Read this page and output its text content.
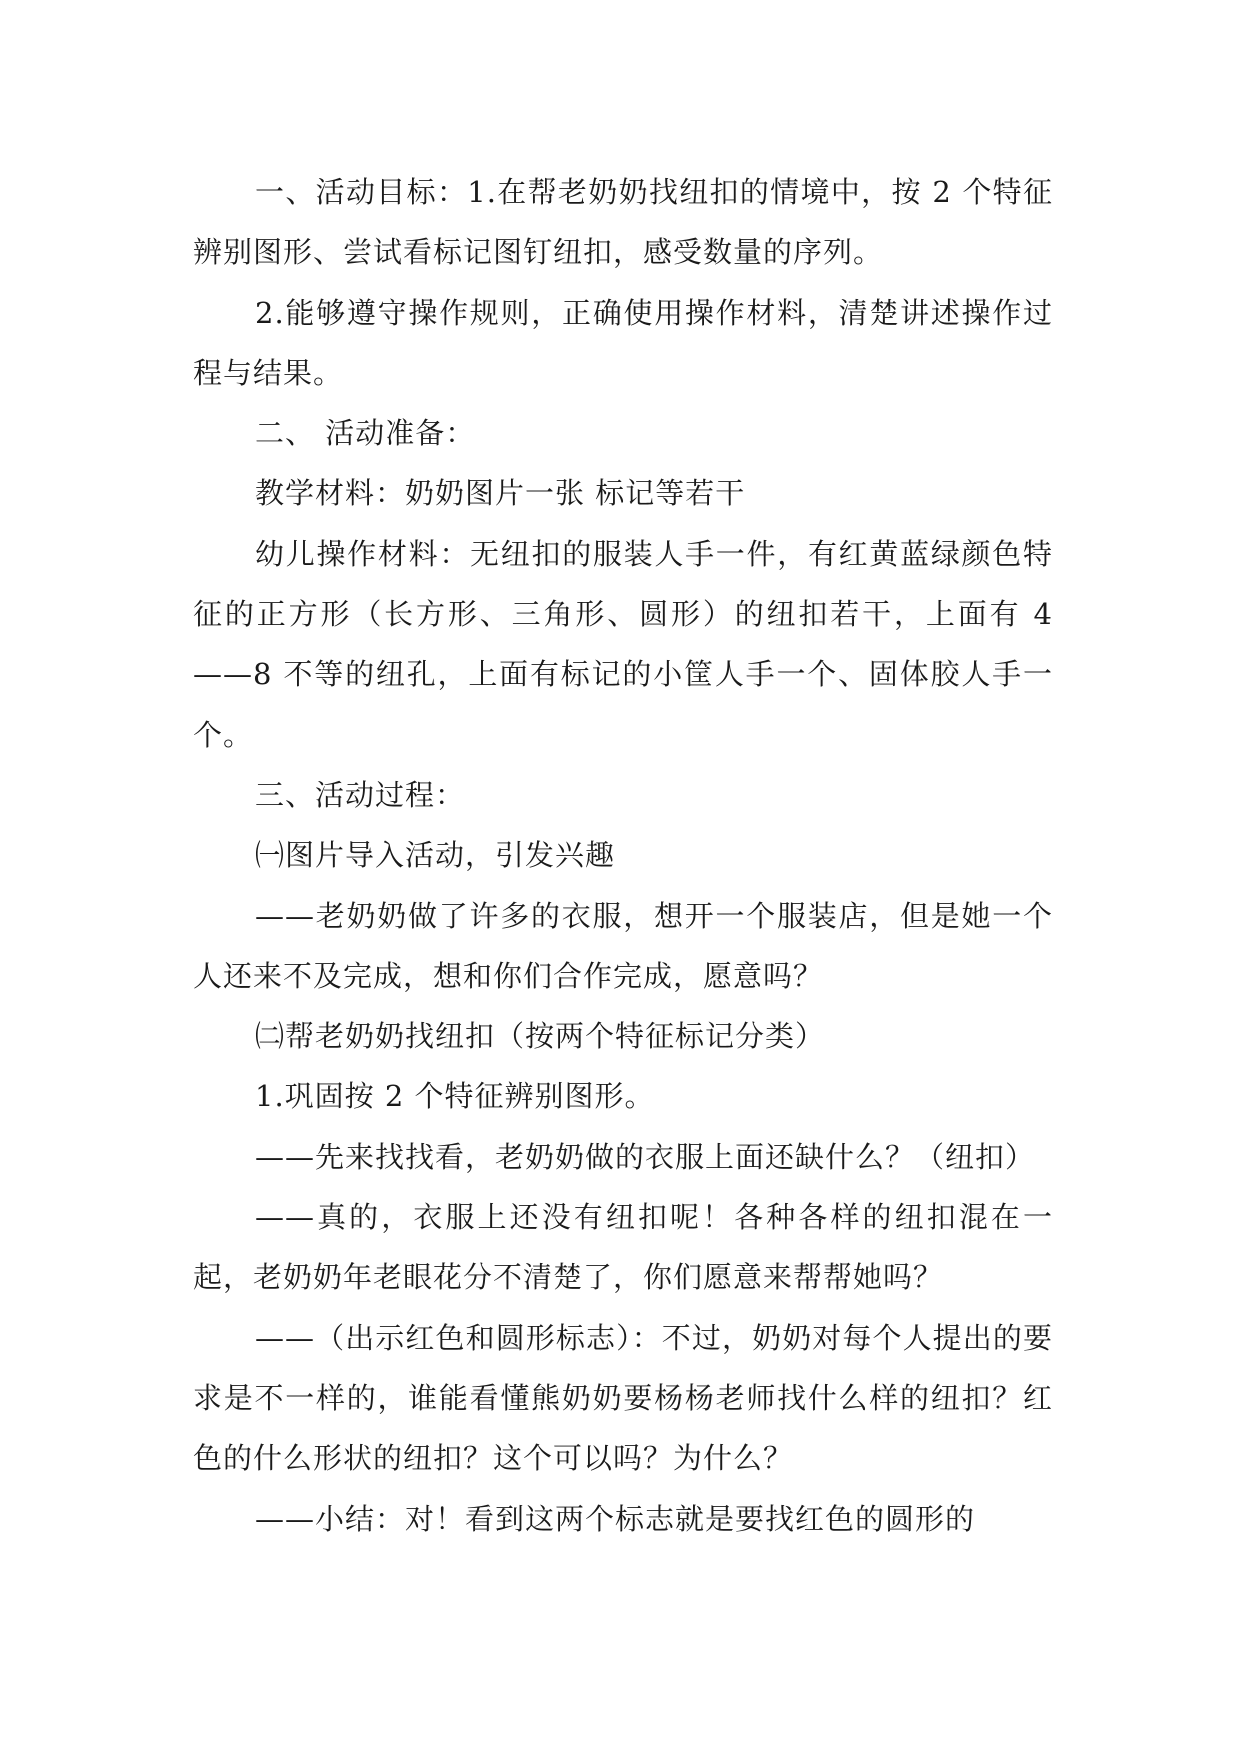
一、活动目标：1.在帮老奶奶找纽扣的情境中，按 2 个特征辨别图形、尝试看标记图钉纽扣，感受数量的序列。

2.能够遵守操作规则，正确使用操作材料，清楚讲述操作过程与结果。

二、 活动准备：

教学材料：奶奶图片一张 标记等若干

幼儿操作材料：无纽扣的服装人手一件，有红黄蓝绿颜色特征的正方形（长方形、三角形、圆形）的纽扣若干，上面有 4——8 不等的纽孔，上面有标记的小筐人手一个、固体胶人手一个。

三、活动过程：

㈠图片导入活动，引发兴趣

——老奶奶做了许多的衣服，想开一个服装店，但是她一个人还来不及完成，想和你们合作完成，愿意吗？

㈡帮老奶奶找纽扣（按两个特征标记分类）

1.巩固按 2 个特征辨别图形。

——先来找找看，老奶奶做的衣服上面还缺什么？（纽扣）

——真的，衣服上还没有纽扣呢！各种各样的纽扣混在一起，老奶奶年老眼花分不清楚了，你们愿意来帮帮她吗？

——（出示红色和圆形标志）：不过，奶奶对每个人提出的要求是不一样的，谁能看懂熊奶奶要杨杨老师找什么样的纽扣？红色的什么形状的纽扣？这个可以吗？为什么？

——小结：对！看到这两个标志就是要找红色的圆形的
